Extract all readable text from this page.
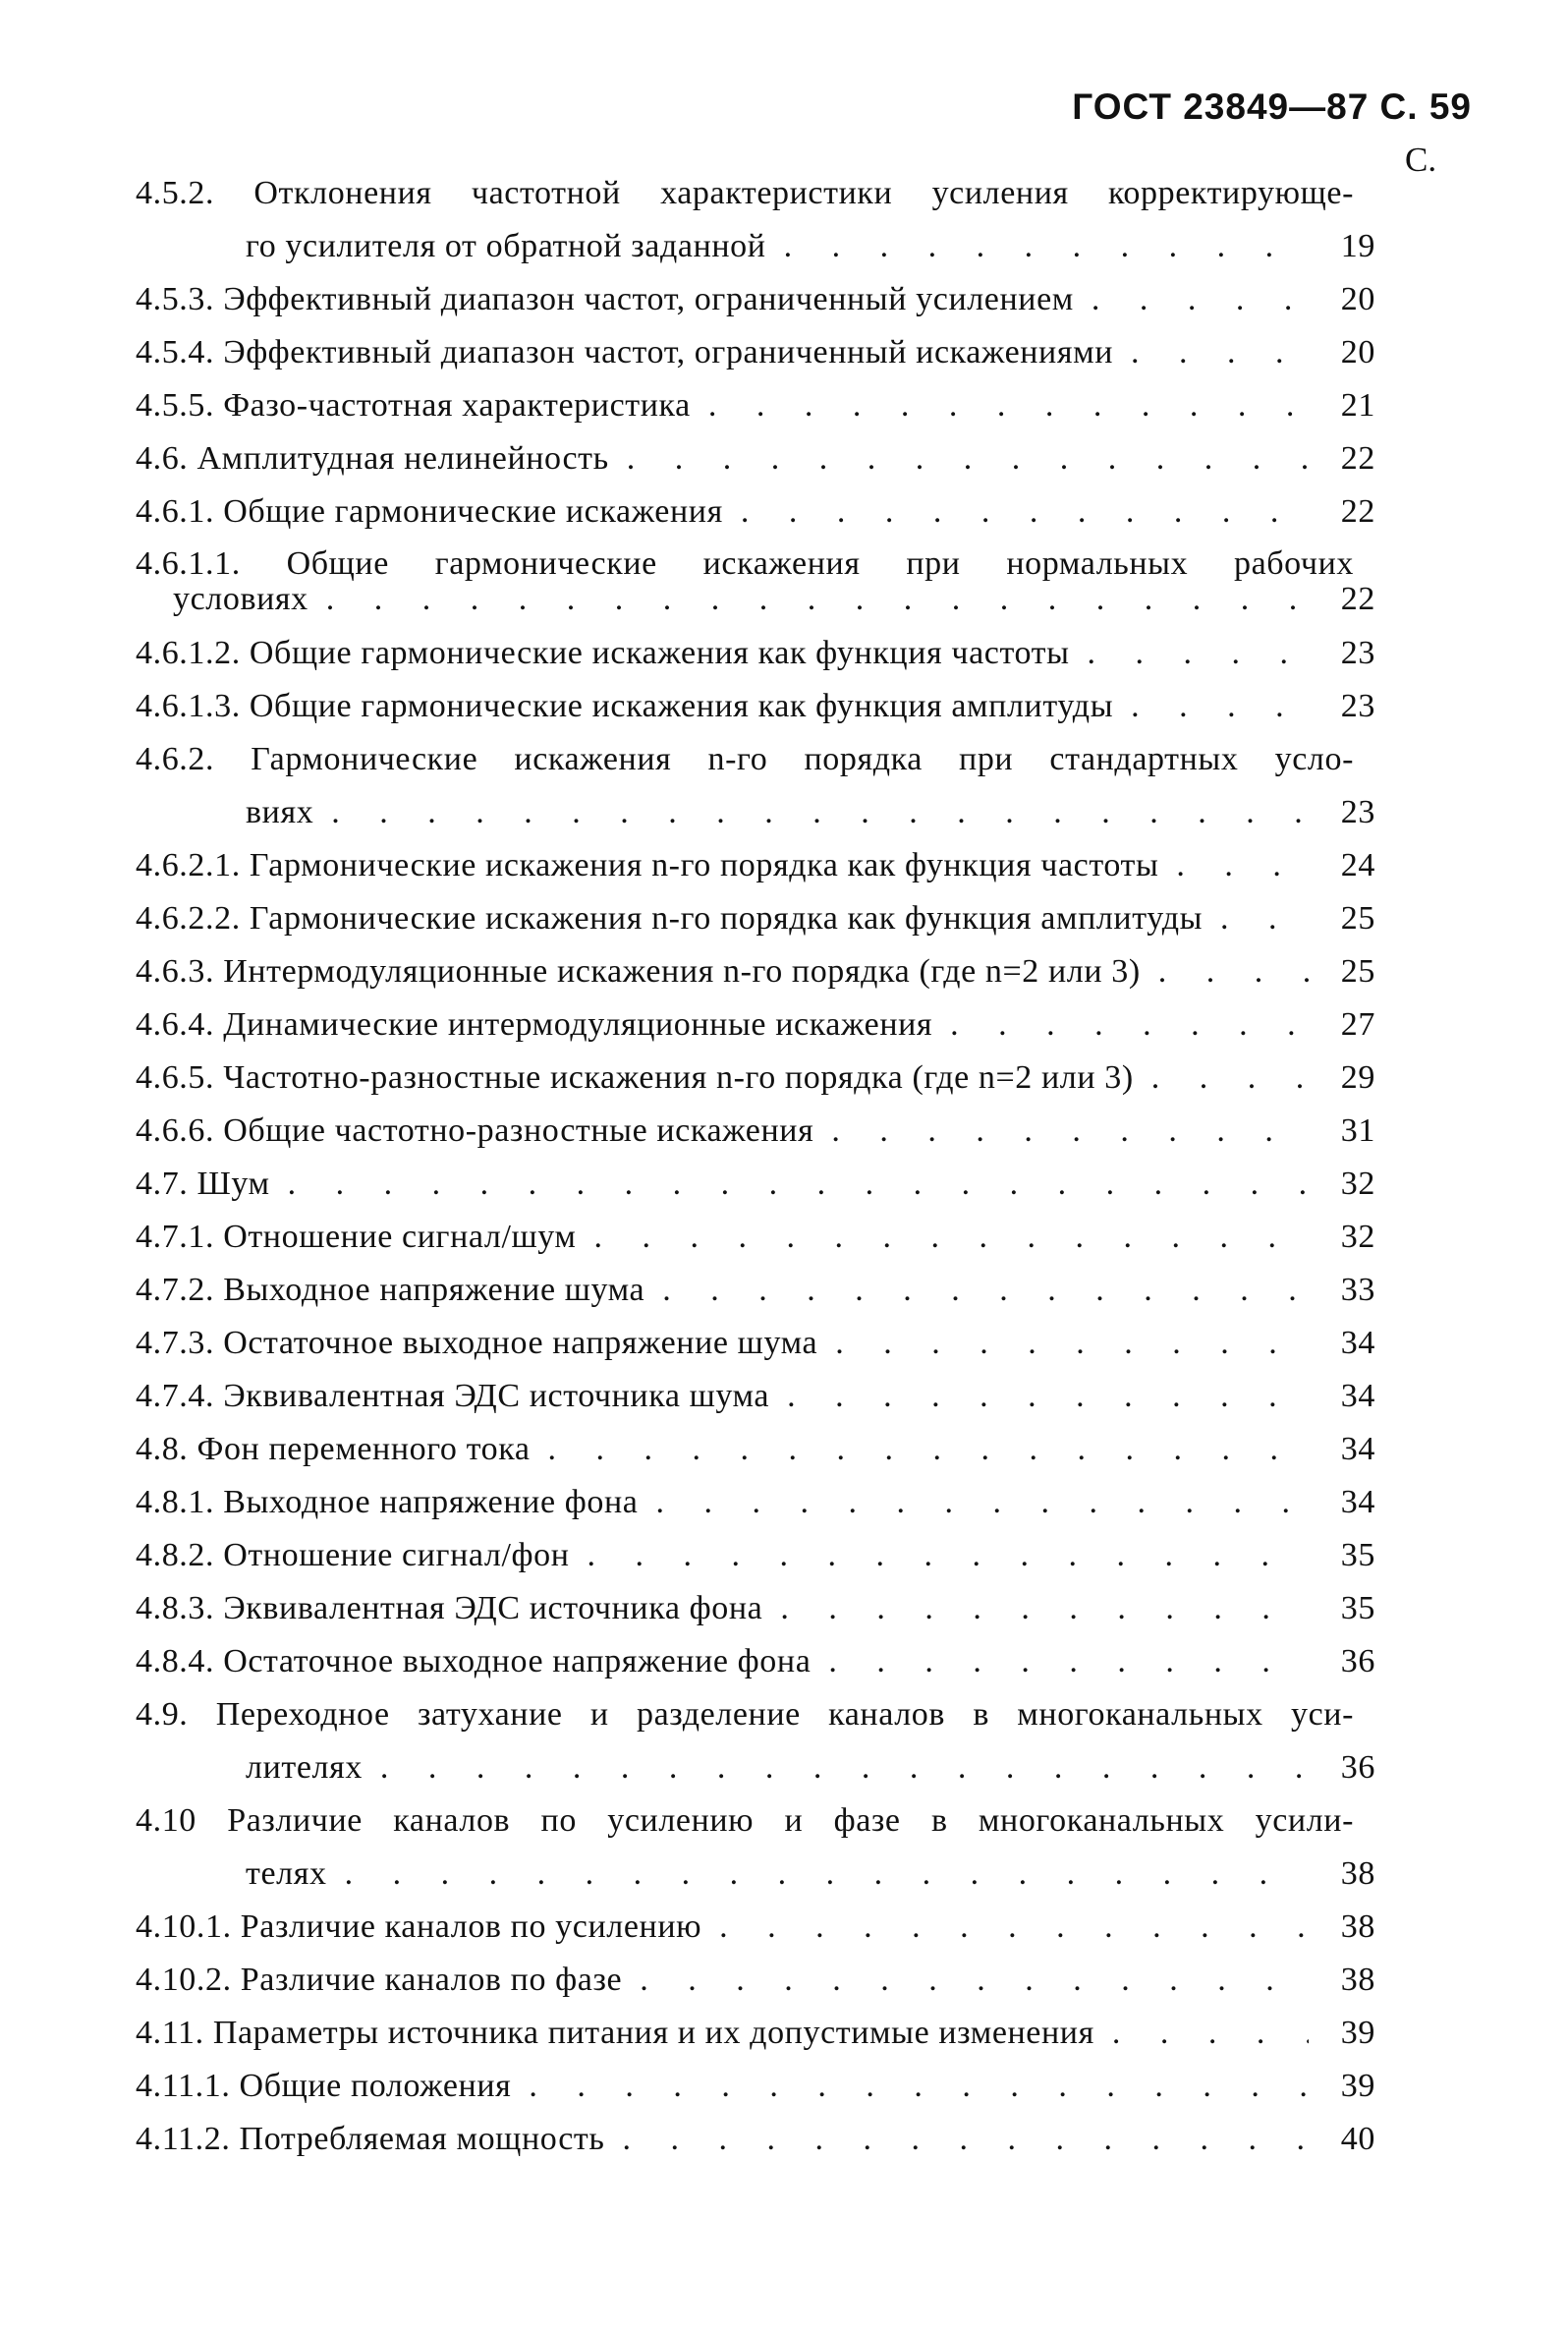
ГОСТ 23849—87 С. 59
С.
4.5.2. Отклонения частотной характеристики усиления корректирующе-
го усилителя от обратной заданной . . .	19
4.5.3. Эффективный диапазон частот, ограниченный усилением . . .	20
4.5.4. Эффективный диапазон частот, ограниченный искажениями . . .	20
4.5.5. Фазо-частотная характеристика . . .	21
4.6. Амплитудная нелинейность . . .	22
4.6.1. Общие гармонические искажения . . .	22
4.6.1.1. Общие гармонические искажения при нормальных рабочих
условиях . . .	22
4.6.1.2. Общие гармонические искажения как функция частоты . . .	23
4.6.1.3. Общие гармонические искажения как функция амплитуды . . .	23
4.6.2. Гармонические искажения n-го порядка при стандартных усло-
виях . . .	23
4.6.2.1. Гармонические искажения n-го порядка как функция частоты . . .	24
4.6.2.2. Гармонические искажения n-го порядка как функция амплитуды . . .	25
4.6.3. Интермодуляционные искажения n-го порядка (где n=2 или 3) . . .	25
4.6.4. Динамические интермодуляционные искажения . . .	27
4.6.5. Частотно-разностные искажения n-го порядка (где n=2 или 3) . . .	29
4.6.6. Общие частотно-разностные искажения . . .	31
4.7. Шум . . .	32
4.7.1. Отношение сигнал/шум . . .	32
4.7.2. Выходное напряжение шума . . .	33
4.7.3. Остаточное выходное напряжение шума . . .	34
4.7.4. Эквивалентная ЭДС источника шума . . .	34
4.8. Фон переменного тока . . .	34
4.8.1. Выходное напряжение фона . . .	34
4.8.2. Отношение сигнал/фон . . .	35
4.8.3. Эквивалентная ЭДС источника фона . . .	35
4.8.4. Остаточное выходное напряжение фона . . .	36
4.9. Переходное затухание и разделение каналов в многоканальных уси-
лителях . . .	36
4.10 Различие каналов по усилению и фазе в многоканальных усили-
телях . . .	38
4.10.1. Различие каналов по усилению . . .	38
4.10.2. Различие каналов по фазе . . .	38
4.11. Параметры источника питания и их допустимые изменения . . .	39
4.11.1. Общие положения . . .	39
4.11.2. Потребляемая мощность . . .	40
